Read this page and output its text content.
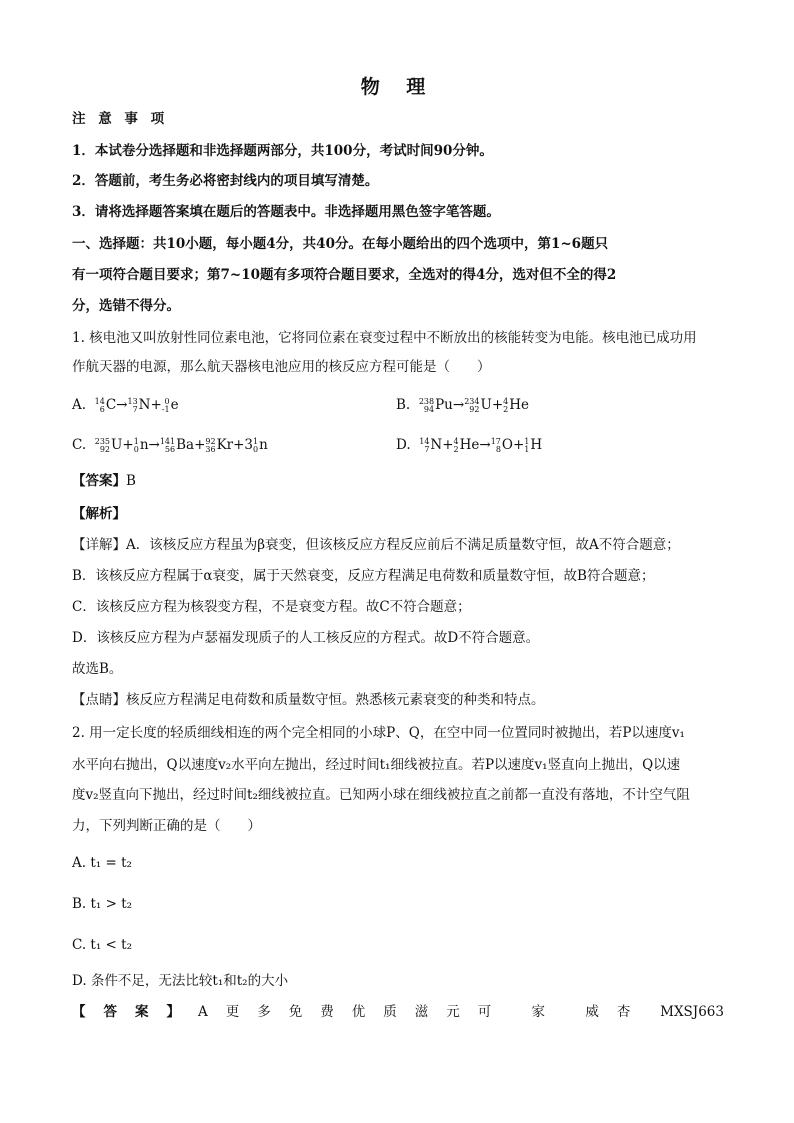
物 理
注 意 事 项
1．本试卷分选择题和非选择题两部分，共100分，考试时间90分钟。
2．答题前，考生务必将密封线内的项目填写清楚。
3．请将选择题答案填在题后的答题表中。非选择题用黑色签字笔答题。
一、选择题：共10小题，每小题4分，共40分。在每小题给出的四个选项中，第1~6题只
有一项符合题目要求；第7~10题有多项符合题目要求，全选对的得4分，选对但不全的得2
分，选错不得分。
1. 核电池又叫放射性同位素电池，它将同位素在衰变过程中不断放出的核能转变为电能。核电池已成功用
作航天器的电源，那么航天器核电池应用的核反应方程可能是（　　）
A. 14
6 C→ 13
7 N+ 0
-1 e	B. 238
94 Pu→ 234
92 U+ 4
2 He
C. 235
92 U+ 1
0 n→ 141
56 Ba+ 92
36 Kr+3 1
0 n	D. 14
7 N+ 4
2 He→ 17
8 O+ 1
1 H
【答案】B
【解析】
【详解】A．该核反应方程虽为β衰变，但该核反应方程反应前后不满足质量数守恒，故A不符合题意；
B．该核反应方程属于α衰变，属于天然衰变，反应方程满足电荷数和质量数守恒，故B符合题意；
C．该核反应方程为核裂变方程，不是衰变方程。故C不符合题意；
D．该核反应方程为卢瑟福发现质子的人工核反应的方程式。故D不符合题意。
故选B。
【点睛】核反应方程满足电荷数和质量数守恒。熟悉核元素衰变的种类和特点。
2. 用一定长度的轻质细线相连的两个完全相同的小球P、Q，在空中同一位置同时被抛出，若P以速度v₁
水平向右抛出，Q以速度v₂水平向左抛出，经过时间t₁细线被拉直。若P以速度v₁竖直向上抛出，Q以速
度v₂竖直向下抛出，经过时间t₂细线被拉直。已知两小球在细线被拉直之前都一直没有落地，不计空气阻
力，下列判断正确的是（　　）
A. t₁ = t₂
B. t₁ > t₂
C. t₁ < t₂
D. 条件不足，无法比较t₁和t₂的大小
【答案】A更多免费优质滋元可 家 威杏 MXSJ663
